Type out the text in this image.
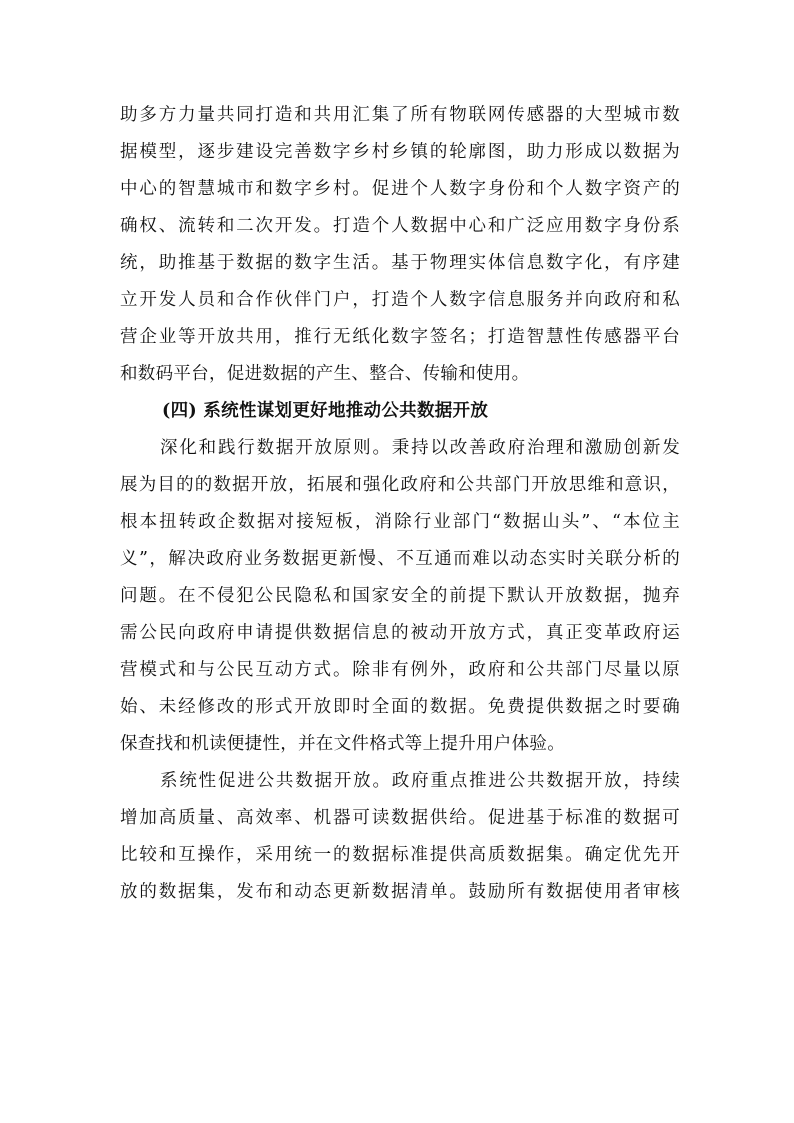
助多方力量共同打造和共用汇集了所有物联网传感器的大型城市数
据模型，逐步建设完善数字乡村乡镇的轮廓图，助力形成以数据为
中心的智慧城市和数字乡村。促进个人数字身份和个人数字资产的
确权、流转和二次开发。打造个人数据中心和广泛应用数字身份系
统，助推基于数据的数字生活。基于物理实体信息数字化，有序建
立开发人员和合作伙伴门户，打造个人数字信息服务并向政府和私
营企业等开放共用，推行无纸化数字签名；打造智慧性传感器平台
和数码平台，促进数据的产生、整合、传输和使用。
(四) 系统性谋划更好地推动公共数据开放
深化和践行数据开放原则。秉持以改善政府治理和激励创新发
展为目的的数据开放，拓展和强化政府和公共部门开放思维和意识，
根本扭转政企数据对接短板，消除行业部门“数据山头”、“本位主
义”，解决政府业务数据更新慢、不互通而难以动态实时关联分析的
问题。在不侵犯公民隐私和国家安全的前提下默认开放数据，抛弃
需公民向政府申请提供数据信息的被动开放方式，真正变革政府运
营模式和与公民互动方式。除非有例外，政府和公共部门尽量以原
始、未经修改的形式开放即时全面的数据。免费提供数据之时要确
保查找和机读便捷性，并在文件格式等上提升用户体验。
系统性促进公共数据开放。政府重点推进公共数据开放，持续
增加高质量、高效率、机器可读数据供给。促进基于标准的数据可
比较和互操作，采用统一的数据标准提供高质数据集。确定优先开
放的数据集，发布和动态更新数据清单。鼓励所有数据使用者审核
